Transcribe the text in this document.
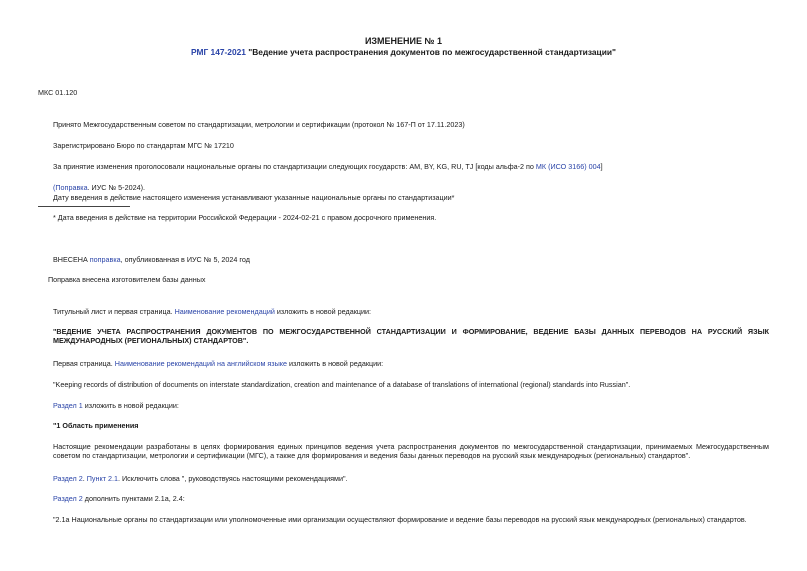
ИЗМЕНЕНИЕ № 1
РМГ 147-2021 "Ведение учета распространения документов по межгосударственной стандартизации"
МКС 01.120
Принято Межгосударственным советом по стандартизации, метрологии и сертификации (протокол № 167-П от 17.11.2023)
Зарегистрировано Бюро по стандартам МГС № 17210
За принятие изменения проголосовали национальные органы по стандартизации следующих государств: AM, BY, KG, RU, TJ [коды альфа-2 по МК (ИСО 3166) 004]
(Поправка. ИУС № 5-2024).
Дату введения в действие настоящего изменения устанавливают указанные национальные органы по стандартизации*
* Дата введения в действие на территории Российской Федерации - 2024-02-21 с правом досрочного применения.
ВНЕСЕНА поправка, опубликованная в ИУС № 5, 2024 год
Поправка внесена изготовителем базы данных
Титульный лист и первая страница. Наименование рекомендаций изложить в новой редакции:
"ВЕДЕНИЕ УЧЕТА РАСПРОСТРАНЕНИЯ ДОКУМЕНТОВ ПО МЕЖГОСУДАРСТВЕННОЙ СТАНДАРТИЗАЦИИ И ФОРМИРОВАНИЕ, ВЕДЕНИЕ БАЗЫ ДАННЫХ ПЕРЕВОДОВ НА РУССКИЙ ЯЗЫК МЕЖДУНАРОДНЫХ (РЕГИОНАЛЬНЫХ) СТАНДАРТОВ".
Первая страница. Наименование рекомендаций на английском языке изложить в новой редакции:
"Keeping records of distribution of documents on interstate standardization, creation and maintenance of a database of translations of international (regional) standards into Russian".
Раздел 1 изложить в новой редакции:
"1 Область применения
Настоящие рекомендации разработаны в целях формирования единых принципов ведения учета распространения документов по межгосударственной стандартизации, принимаемых Межгосударственным советом по стандартизации, метрологии и сертификации (МГС), а также для формирования и ведения базы данных переводов на русский язык международных (региональных) стандартов".
Раздел 2. Пункт 2.1. Исключить слова ", руководствуясь настоящими рекомендациями".
Раздел 2 дополнить пунктами 2.1а, 2.4:
"2.1а Национальные органы по стандартизации или уполномоченные ими организации осуществляют формирование и ведение базы переводов на русский язык международных (региональных) стандартов.
